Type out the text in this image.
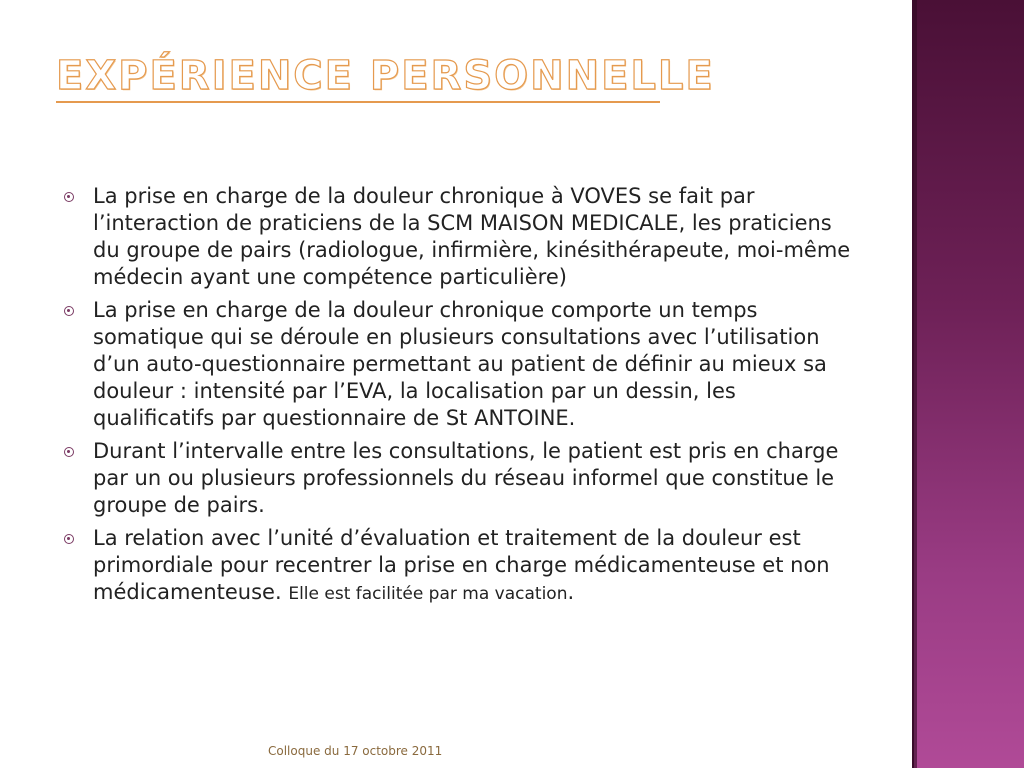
EXPÉRIENCE PERSONNELLE
La prise en charge de la douleur chronique à VOVES se fait par l’interaction de praticiens de la SCM MAISON MEDICALE, les praticiens du groupe de pairs (radiologue, infirmière, kinésithérapeute, moi-même médecin ayant une compétence particulière)
La prise en charge de la douleur chronique comporte un temps somatique qui se déroule en plusieurs consultations avec l’utilisation d’un auto-questionnaire permettant au patient de définir au mieux sa douleur : intensité par l’EVA, la localisation par un dessin, les qualificatifs par questionnaire de St ANTOINE.
Durant l’intervalle entre les consultations, le patient est pris en charge par un ou plusieurs professionnels du réseau informel que constitue le groupe de pairs.
La relation avec l’unité d’évaluation et traitement de la douleur est primordiale pour recentrer la prise en charge médicamenteuse et non médicamenteuse. Elle est facilitée par ma vacation.
Colloque du 17 octobre 2011
